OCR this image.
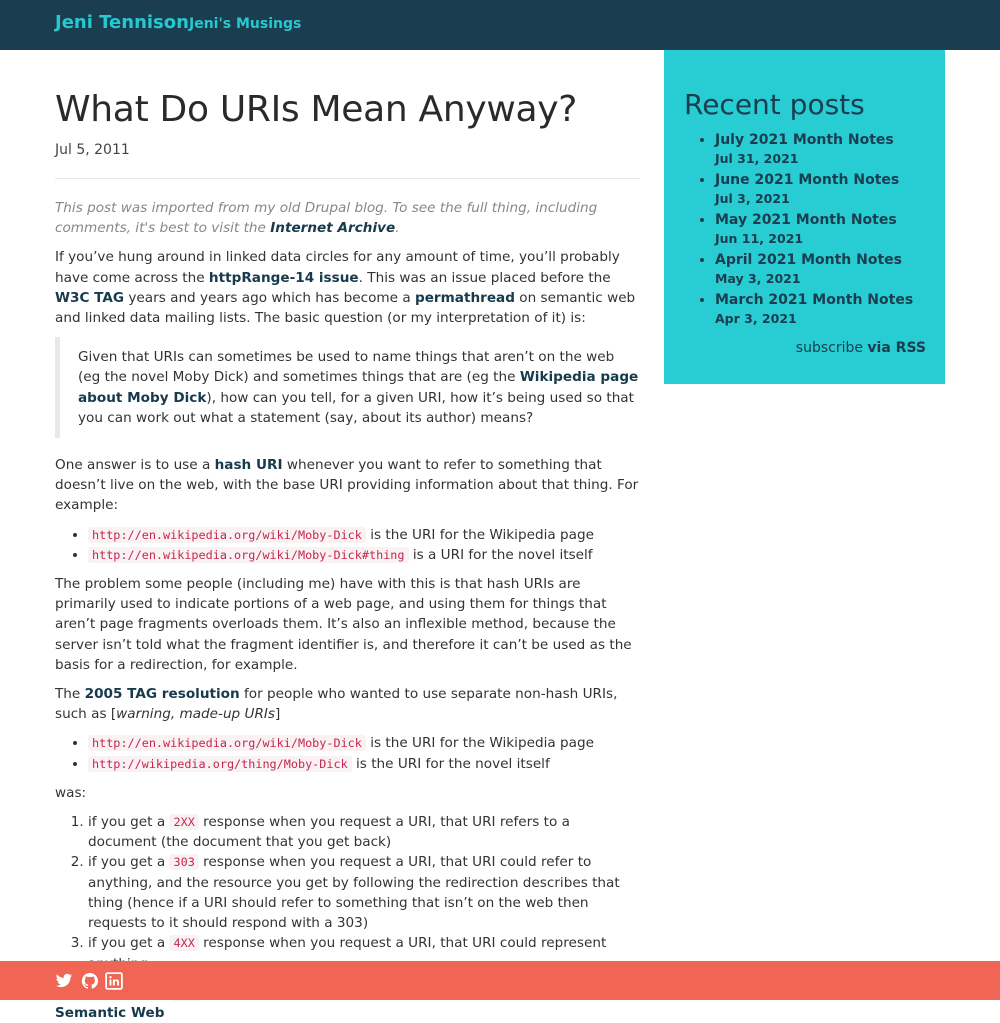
Jeni Tennison Jeni's Musings
What Do URIs Mean Anyway?
Jul 5, 2011

This post was imported from my old Drupal blog. To see the full thing, including comments, it's best to visit the Internet Archive.

If you’ve hung around in linked data circles for any amount of time, you’ll probably have come across the httpRange-14 issue. This was an issue placed before the W3C TAG years and years ago which has become a permathread on semantic web and linked data mailing lists. The basic question (or my interpretation of it) is:

Given that URIs can sometimes be used to name things that aren’t on the web (eg the novel Moby Dick) and sometimes things that are (eg the Wikipedia page about Moby Dick), how can you tell, for a given URI, how it’s being used so that you can work out what a statement (say, about its author) means?

One answer is to use a hash URI whenever you want to refer to something that doesn’t live on the web, with the base URI providing information about that thing. For example:

• http://en.wikipedia.org/wiki/Moby-Dick is the URI for the Wikipedia page
• http://en.wikipedia.org/wiki/Moby-Dick#thing is a URI for the novel itself

The problem some people (including me) have with this is that hash URIs are primarily used to indicate portions of a web page, and using them for things that aren’t page fragments overloads them. It’s also an inflexible method, because the server isn’t told what the fragment identifier is, and therefore it can’t be used as the basis for a redirection, for example.

The 2005 TAG resolution for people who wanted to use separate non-hash URIs, such as [warning, made-up URIs]

• http://en.wikipedia.org/wiki/Moby-Dick is the URI for the Wikipedia page
• http://wikipedia.org/thing/Moby-Dick is the URI for the novel itself

was:

1. if you get a 2XX response when you request a URI, that URI refers to a document (the document that you get back)
2. if you get a 303 response when you request a URI, that URI could refer to anything, and the resource you get by following the redirection describes that thing (hence if a URI should refer to something that isn’t on the web then requests to it should respond with a 303)
3. if you get a 4XX response when you request a URI, that URI could represent

Semantic Web

Recent posts
• July 2021 Month Notes
Jul 31, 2021
• June 2021 Month Notes
Jul 3, 2021
• May 2021 Month Notes
Jun 11, 2021
• April 2021 Month Notes
May 3, 2021
• March 2021 Month Notes
Apr 3, 2021
subscribe via RSS
